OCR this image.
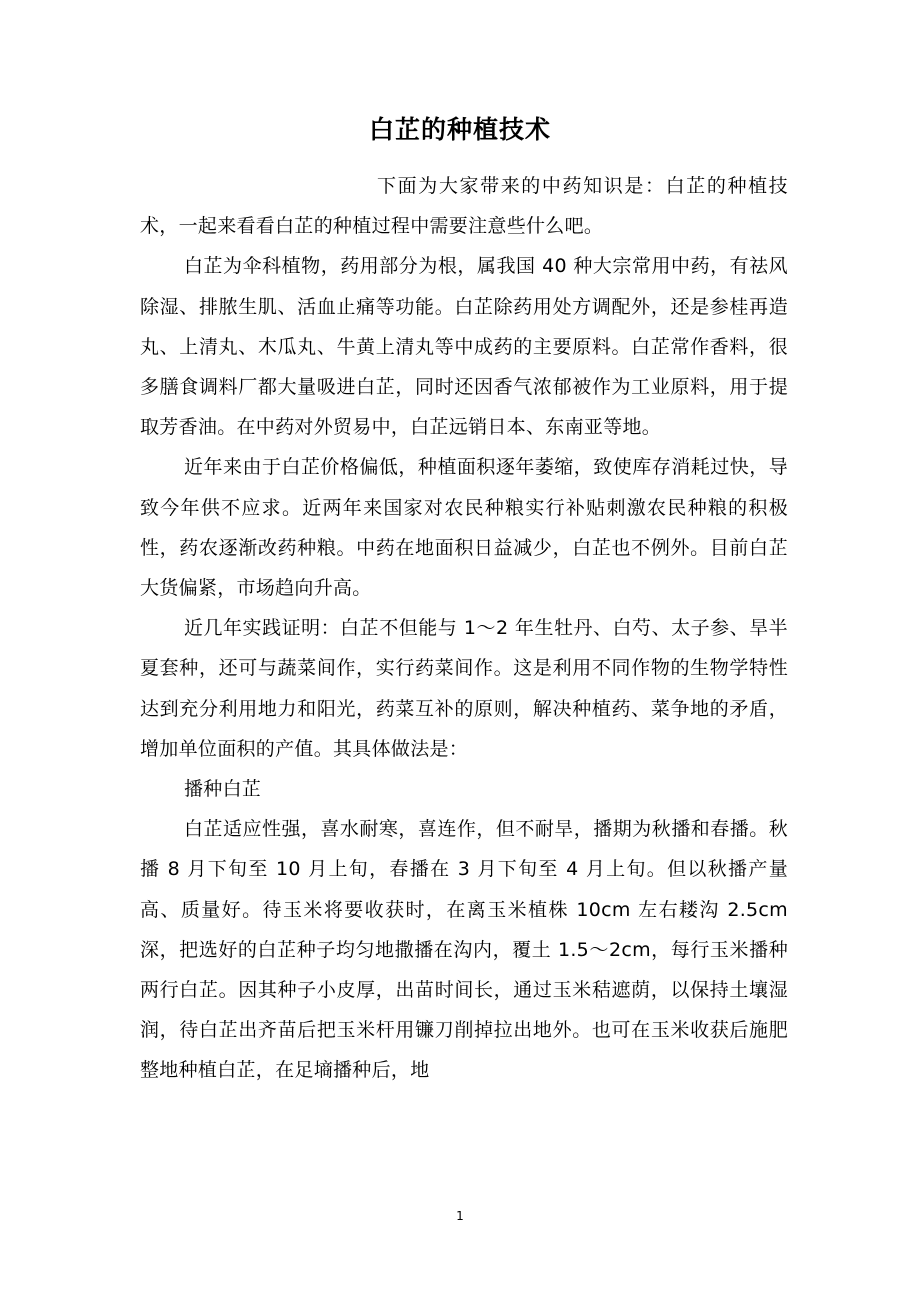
白芷的种植技术

下面为大家带来的中药知识是：白芷的种植技术，一起来看看白芷的种植过程中需要注意些什么吧。

白芷为伞科植物，药用部分为根，属我国 40 种大宗常用中药，有祛风除湿、排脓生肌、活血止痛等功能。白芷除药用处方调配外，还是参桂再造丸、上清丸、木瓜丸、牛黄上清丸等中成药的主要原料。白芷常作香料，很多膳食调料厂都大量吸进白芷，同时还因香气浓郁被作为工业原料，用于提取芳香油。在中药对外贸易中，白芷远销日本、东南亚等地。

近年来由于白芷价格偏低，种植面积逐年萎缩，致使库存消耗过快，导致今年供不应求。近两年来国家对农民种粮实行补贴刺激农民种粮的积极性，药农逐渐改药种粮。中药在地面积日益减少，白芷也不例外。目前白芷大货偏紧，市场趋向升高。

近几年实践证明：白芷不但能与 1～2 年生牡丹、白芍、太子参、旱半夏套种，还可与蔬菜间作，实行药菜间作。这是利用不同作物的生物学特性达到充分利用地力和阳光，药菜互补的原则，解决种植药、菜争地的矛盾，增加单位面积的产值。其具体做法是：

播种白芷

白芷适应性强，喜水耐寒，喜连作，但不耐旱，播期为秋播和春播。秋播 8 月下旬至 10 月上旬，春播在 3 月下旬至 4 月上旬。但以秋播产量高、质量好。待玉米将要收获时，在离玉米植株 10cm 左右耧沟 2.5cm 深，把选好的白芷种子均匀地撒播在沟内，覆土 1.5～2cm，每行玉米播种两行白芷。因其种子小皮厚，出苗时间长，通过玉米秸遮荫，以保持土壤湿润，待白芷出齐苗后把玉米杆用镰刀削掉拉出地外。也可在玉米收获后施肥整地种植白芷，在足墒播种后，地

1
